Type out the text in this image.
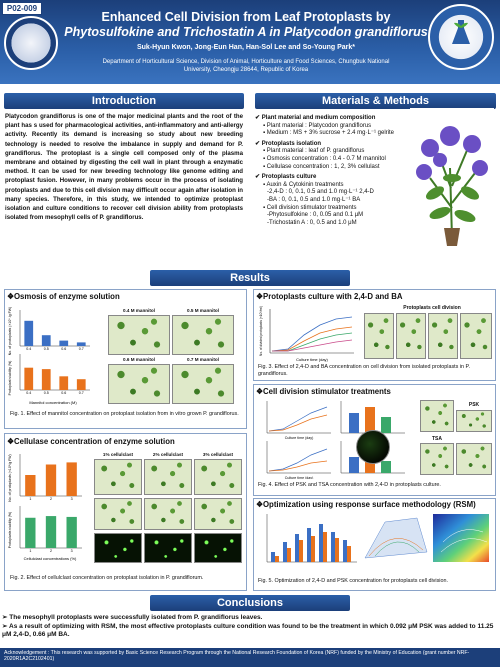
P02-009
Enhanced Cell Division from Leaf Protoplasts by
Phytosulfokine and Trichostatin A in Platycodon grandiflorus
Suk-Hyun Kwon, Jong-Eun Han, Han-Sol Lee and So-Young Park*
Department of Horticultural Science, Division of Animal, Horticulture and Food Sciences, Chungbuk National
University, Cheongju 28644, Republic of Korea
Introduction	Materials & Methods
Platycodon grandiflorus is one of the major medicinal plants and the root of the plant has s used for pharmacological activities, anti-inflammatory and anti-allergy activity. Recently its demand is increasing so study about new breeding technology is needed to resolve the imbalance in supply and demand for P. grandiflorus. The protoplast is a single cell composed only of the plasma membrane and obtained by digesting the cell wall in plant through a enzymatic method. It can be used for new breeding technology like genome editing and protoplast fusion. However, in many problems occur in the process of isolating protoplasts and due to this cell division may difficult occur again after isolation in many species. Therefore, in this study, we intended to optimize protoplast isolation and culture conditions to recover cell division ability from protoplasts isolated from mesophyll cells of P. grandiflorus.
✔ Plant material and medium composition
▪ Plant material : Platycodon grandiflorus
▪ Medium : MS + 3% sucrose + 2.4 mg·L⁻¹ gelrite
✔ Protoplasts isolation
▪ Plant material : leaf of P. grandiflorus
▪ Osmosis concentration : 0.4 - 0.7 M mannitol
▪ Cellulase concentration : 1, 2, 3% cellulast
✔ Protoplasts culture
▪ Auxin & Cytokinin treatments
-2,4-D : 0, 0.1, 0.5 and 1.0 mg·L⁻¹ 2,4-D
-BA : 0, 0.1, 0.5 and 1.0 mg·L⁻¹ BA
▪ Cell division stimulator treatments
-Phytosulfokine : 0, 0.05 and 0.1 μM
-Trichostatin A : 0, 0.5 and 1.0 μM
Results
❖Osmosis of enzyme solution
0.4	0.5	0.6	0.7
0.4	0.5	0.6	0.7
Mannitol concentration (M)
No. of protoplasts (×10⁵ /g FW)
Protoplast viability (%)
0.4 M mannitol	0.5 M mannitol
0.6 M mannitol	0.7 M mannitol
Fig. 1. Effect of mannitol concentration on protoplast isolation from in vitro grown P. grandiflorus.
❖Cellulase concentration of enzyme solution
1	2	3
1	2	3
Cellulclast concentrations (%)
No. of protoplasts (×10⁵/g FW)
Protoplasts viability (%)
1% cellulclast	2% cellulclast	3% cellulclast
Fig. 2. Effect of cellulclast concentration on protoplast isolation in P. grandiflorum.
❖Protoplasts culture with 2,4-D and BA
Culture time (day)
No. of divided protoplasts (×10⁵/ml)	Protoplasts cell division
Fig. 3. Effect of 2,4-D and BA concentration on cell division from isolated protoplasts in P. grandiflorus.
❖Cell division stimulator treatments
Culture time (day)
Culture time (day)
PSK
TSA
Fig. 4. Effect of PSK and TSA concentration with 2,4-D in protoplasts culture.
❖Optimization using response surface methodology (RSM)
Fig. 5. Optimization of 2,4-D and PSK concentration for protoplasts cell division.
Conclusions
➢ The mesophyll protoplasts were successfully isolated from P. grandiflorus leaves.
➢ As a result of optimizing with RSM, the most effective protoplasts culture condition was found to be the treatment in which 0.092 μM PSK was added to 11.25 μM 2,4-D, 0.66 μM BA.
Acknowledgement : This research was supported by Basic Science Research Program through the National Research Foundation of Korea (NRF) funded by the Ministry of Education (grant number NRF-2020R1A2C2102401)
